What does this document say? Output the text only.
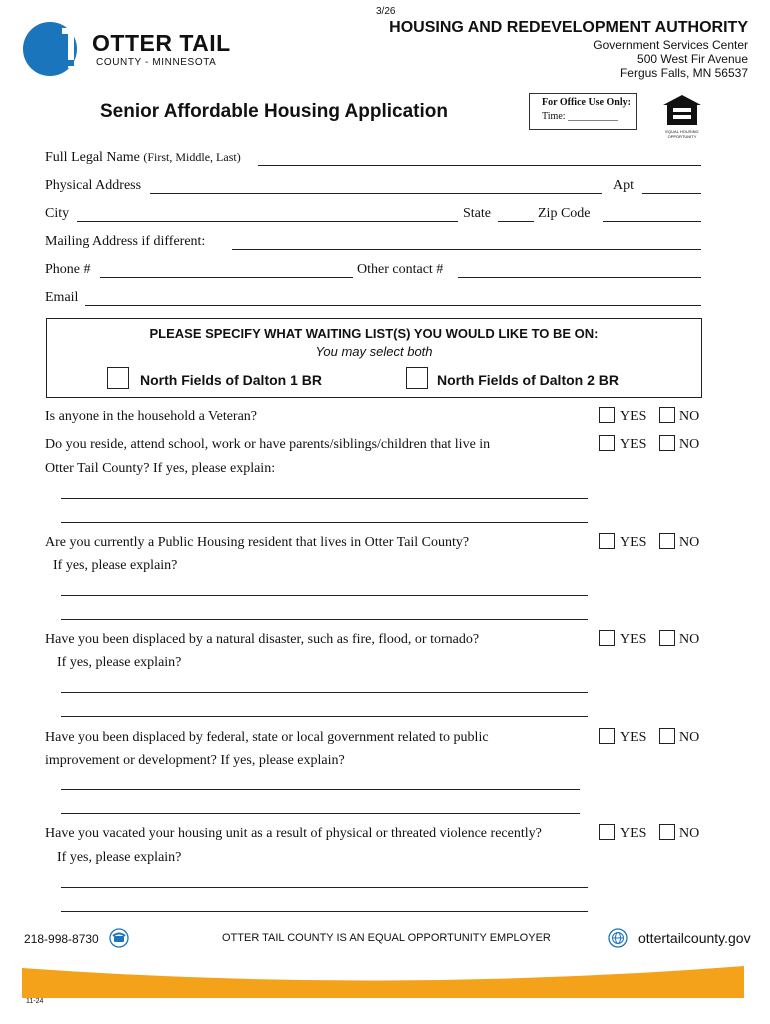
3/26
OTTER TAIL
COUNTY - MINNESOTA
HOUSING AND REDEVELOPMENT AUTHORITY
Government Services Center
500 West Fir Avenue
Fergus Falls, MN 56537
Senior Affordable Housing Application	For Office Use Only:
Time: __________
EQUAL HOUSING OPPORTUNITY
Full Legal Name (First, Middle, Last)
Physical Address	Apt
City	State	Zip Code
Mailing Address if different:
Phone #	Other contact #
Email
PLEASE SPECIFY WHAT WAITING LIST(S) YOU WOULD LIKE TO BE ON:
You may select both
North Fields of Dalton 1 BR	North Fields of Dalton 2 BR
Is anyone in the household a Veteran?	YES NO
Do you reside, attend school, work or have parents/siblings/children that live in
Otter Tail County? If yes, please explain:
YES NO
Are you currently a Public Housing resident that lives in Otter Tail County?
If yes, please explain?
YES NO
Have you been displaced by a natural disaster, such as fire, flood, or tornado?
If yes, please explain?
YES NO
Have you been displaced by federal, state or local government related to public
improvement or development? If yes, please explain?
YES NO
Have you vacated your housing unit as a result of physical or threated violence recently?
If yes, please explain?
YES NO
218-998-8730	OTTER TAIL COUNTY IS AN EQUAL OPPORTUNITY EMPLOYER	ottertailcounty.gov
11-24
